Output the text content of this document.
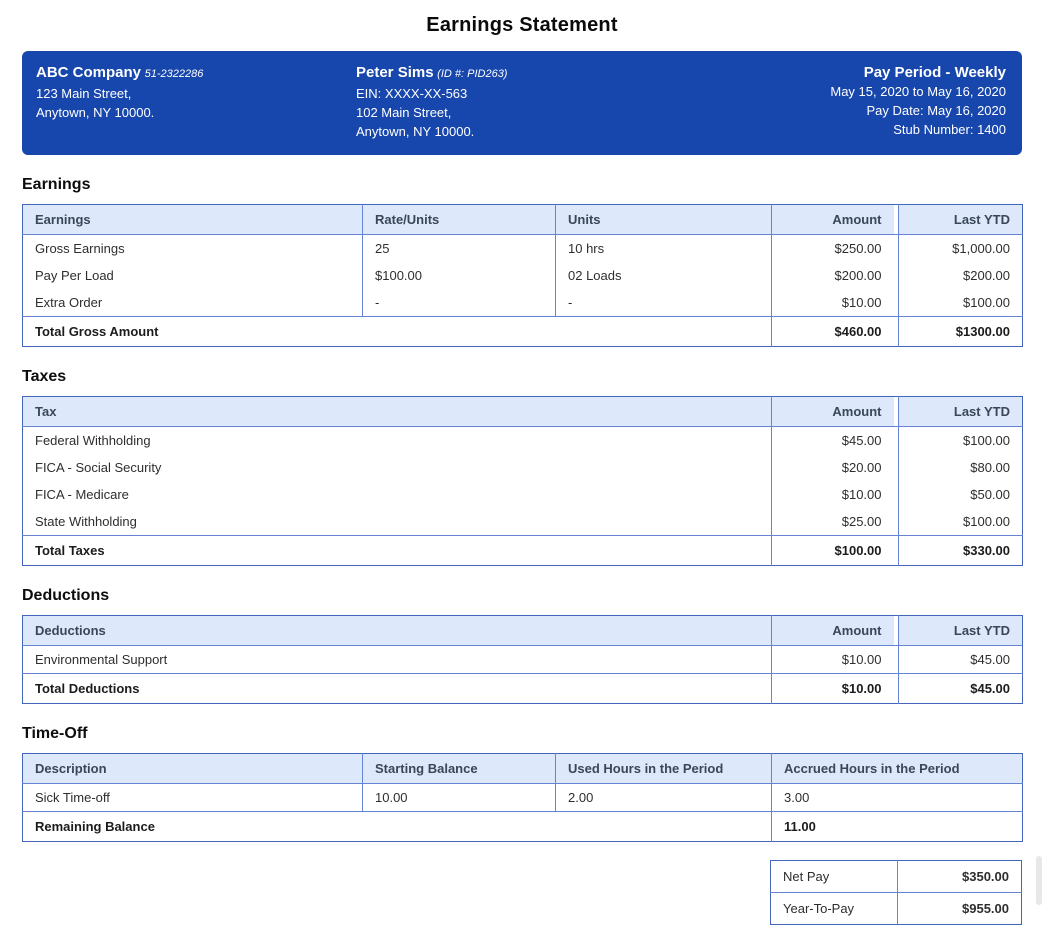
Earnings Statement
ABC Company 51-2322286
123 Main Street,
Anytown, NY 10000.
Peter Sims (ID #: PID263)
EIN: XXXX-XX-563
102 Main Street,
Anytown, NY 10000.
Pay Period - Weekly
May 15, 2020 to May 16, 2020
Pay Date: May 16, 2020
Stub Number: 1400
Earnings
Earnings	Rate/Units	Units	Amount		Last YTD
Gross Earnings	25	10 hrs	$250.00		$1,000.00
Pay Per Load	$100.00	02 Loads	$200.00		$200.00
Extra Order	-	-	$10.00		$100.00
Total Gross Amount			$460.00		$1300.00
Taxes
Tax	Amount		Last YTD
Federal Withholding	$45.00		$100.00
FICA - Social Security	$20.00		$80.00
FICA - Medicare	$10.00		$50.00
State Withholding	$25.00		$100.00
Total Taxes	$100.00		$330.00
Deductions
Deductions	Amount		Last YTD
Environmental Support	$10.00		$45.00
Total Deductions	$10.00		$45.00
Time-Off
Description	Starting Balance	Used Hours in the Period	Accrued Hours in the Period
Sick Time-off	10.00	2.00	3.00
Remaining Balance			11.00
Net Pay	$350.00
Year-To-Pay	$955.00
